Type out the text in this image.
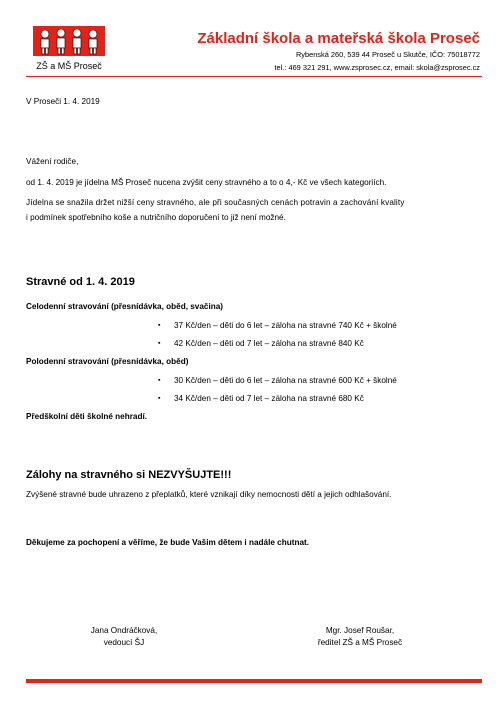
ZŠ a MŠ Proseč
Základní škola a mateřská škola Proseč
Rybenská 260, 539 44 Proseč u Skutče, IČO: 75018772
tel.: 469 321 291, www.zsprosec.cz, email: skola@zsprosec.cz
V Proseči 1. 4. 2019
Vážení rodiče,
od 1. 4. 2019 je jídelna MŠ Proseč nucena zvýšit ceny stravného a to o 4,- Kč ve všech kategoriích.
Jídelna se snažila držet nižší ceny stravného, ale při současných cenách potravin a zachování kvality
i podmínek spotřebního koše a nutričního doporučení to již není možné.
Stravné od 1. 4. 2019
Celodenní stravování (přesnídávka, oběd, svačina)
▪ 37 Kč/den – děti do 6 let – záloha na stravné 740 Kč + školné
▪ 42 Kč/den – děti od 7 let – záloha na stravné 840 Kč
Polodenní stravování (přesnídávka, oběd)
▪ 30 Kč/den – děti do 6 let – záloha na stravné 600 Kč + školné
▪ 34 Kč/den – děti od 7 let – záloha na stravné 680 Kč
Předškolní děti školné nehradí.
Zálohy na stravného si NEZVYŠUJTE!!!
Zvýšené stravné bude uhrazeno z přeplatků, které vznikají díky nemocnosti dětí a jejich odhlašování.
Děkujeme za pochopení a věříme, že bude Vašim dětem i nadále chutnat.
Jana Ondráčková,
vedoucí ŠJ
Mgr. Josef Roušar,
ředitel ZŠ a MŠ Proseč
